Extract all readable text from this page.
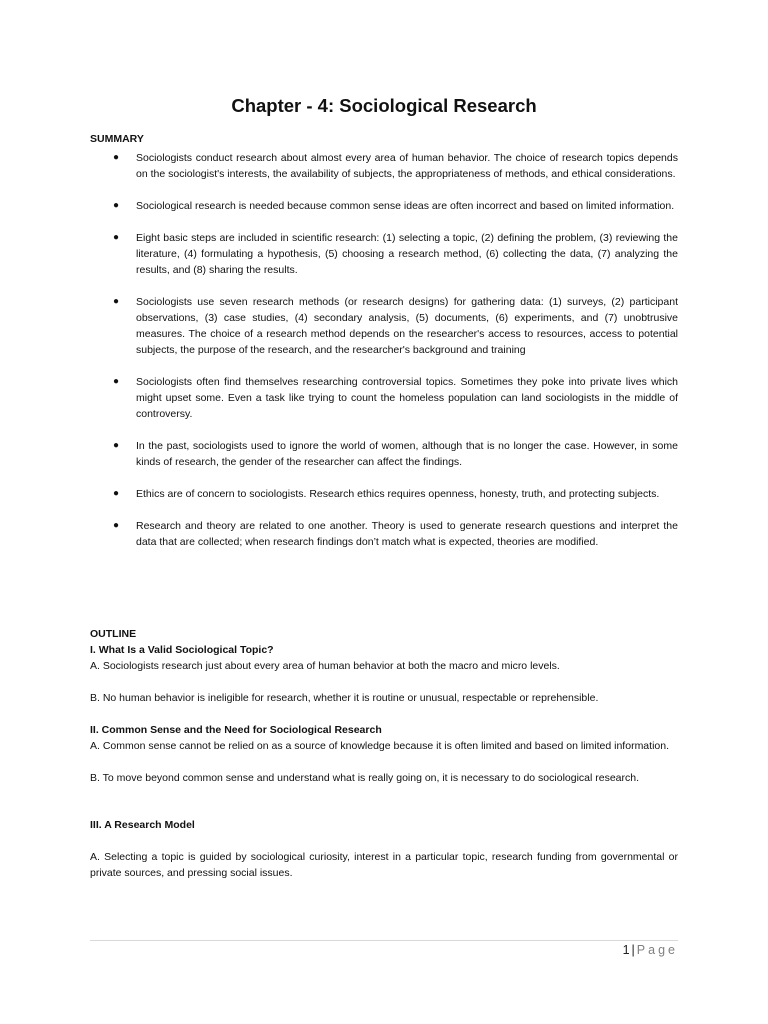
Chapter - 4: Sociological Research
SUMMARY
● Sociologists conduct research about almost every area of human behavior. The choice of research topics depends on the sociologist's interests, the availability of subjects, the appropriateness of methods, and ethical considerations.
● Sociological research is needed because common sense ideas are often incorrect and based on limited information.
● Eight basic steps are included in scientific research: (1) selecting a topic, (2) defining the problem, (3) reviewing the literature, (4) formulating a hypothesis, (5) choosing a research method, (6) collecting the data, (7) analyzing the results, and (8) sharing the results.
● Sociologists use seven research methods (or research designs) for gathering data: (1) surveys, (2) participant observations, (3) case studies, (4) secondary analysis, (5) documents, (6) experiments, and (7) unobtrusive measures. The choice of a research method depends on the researcher's access to resources, access to potential subjects, the purpose of the research, and the researcher's background and training
● Sociologists often find themselves researching controversial topics. Sometimes they poke into private lives which might upset some. Even a task like trying to count the homeless population can land sociologists in the middle of controversy.
● In the past, sociologists used to ignore the world of women, although that is no longer the case. However, in some kinds of research, the gender of the researcher can affect the findings.
● Ethics are of concern to sociologists. Research ethics requires openness, honesty, truth, and protecting subjects.
● Research and theory are related to one another. Theory is used to generate research questions and interpret the data that are collected; when research findings don’t match what is expected, theories are modified.

OUTLINE

I. What Is a Valid Sociological Topic?

A. Sociologists research just about every area of human behavior at both the macro and micro levels.

B. No human behavior is ineligible for research, whether it is routine or unusual, respectable or reprehensible.

II. Common Sense and the Need for Sociological Research

A. Common sense cannot be relied on as a source of knowledge because it is often limited and based on limited information.

B. To move beyond common sense and understand what is really going on, it is necessary to do sociological research.

III. A Research Model

A. Selecting a topic is guided by sociological curiosity, interest in a particular topic, research funding from governmental or private sources, and pressing social issues.

1 | Page
